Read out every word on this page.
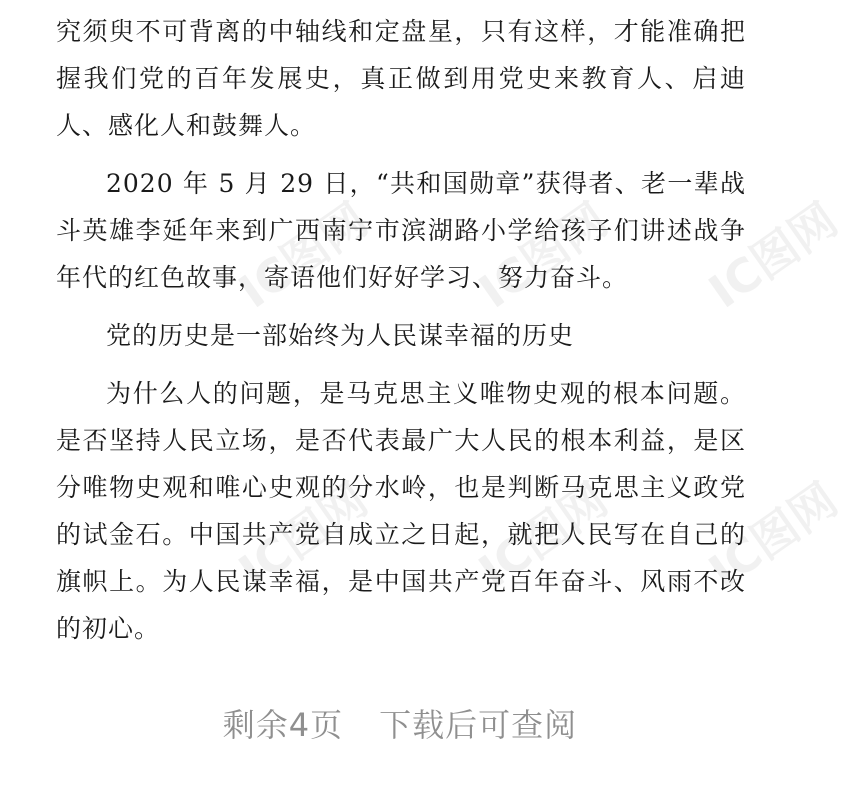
IC图网 IC图网 IC图网
IC图网 IC图网 IC图网

究须臾不可背离的中轴线和定盘星，只有这样，才能准确把握我们党的百年发展史，真正做到用党史来教育人、启迪人、感化人和鼓舞人。

2020 年 5 月 29 日，“共和国勋章”获得者、老一辈战斗英雄李延年来到广西南宁市滨湖路小学给孩子们讲述战争年代的红色故事，寄语他们好好学习、努力奋斗。

党的历史是一部始终为人民谋幸福的历史

为什么人的问题，是马克思主义唯物史观的根本问题。是否坚持人民立场，是否代表最广大人民的根本利益，是区分唯物史观和唯心史观的分水岭，也是判断马克思主义政党的试金石。中国共产党自成立之日起，就把人民写在自己的旗帜上。为人民谋幸福，是中国共产党百年奋斗、风雨不改的初心。

剩余4页 下载后可查阅
